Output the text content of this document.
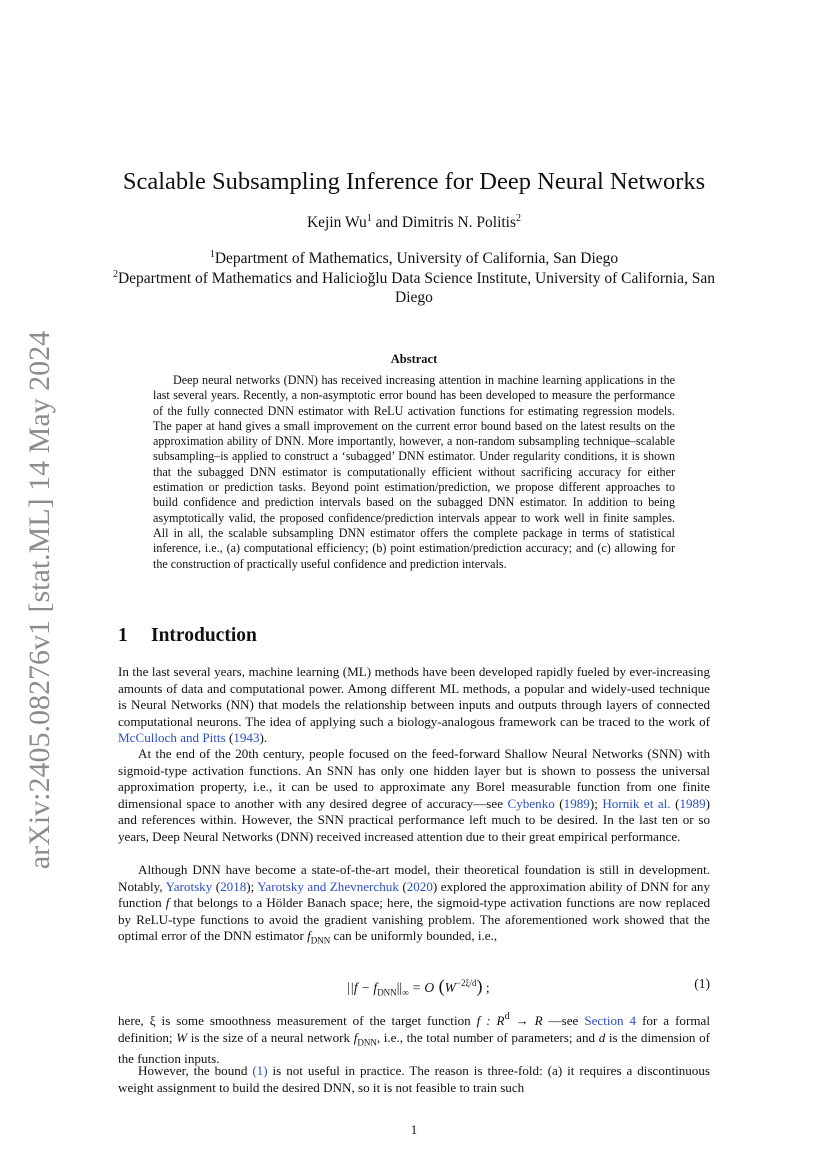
arXiv:2405.08276v1 [stat.ML] 14 May 2024
Scalable Subsampling Inference for Deep Neural Networks
Kejin Wu$^1$ and Dimitris N. Politis$^2$
$^1$Department of Mathematics, University of California, San Diego
$^2$Department of Mathematics and Halicioğlu Data Science Institute, University of California, San Diego
Abstract

Deep neural networks (DNN) has received increasing attention in machine learning applications in the last several years. Recently, a non-asymptotic error bound has been developed to measure the performance of the fully connected DNN estimator with ReLU activation functions for estimating regression models. The paper at hand gives a small improvement on the current error bound based on the latest results on the approximation ability of DNN. More importantly, however, a non-random subsampling technique–scalable subsampling–is applied to construct a ‘subagged’ DNN estimator. Under regularity conditions, it is shown that the subagged DNN estimator is computationally efficient without sacrificing accuracy for either estimation or prediction tasks. Beyond point estimation/prediction, we propose different approaches to build confidence and prediction intervals based on the subagged DNN estimator. In addition to being asymptotically valid, the proposed confidence/prediction intervals appear to work well in finite samples. All in all, the scalable subsampling DNN estimator offers the complete package in terms of statistical inference, i.e., (a) computational efficiency; (b) point estimation/prediction accuracy; and (c) allowing for the construction of practically useful confidence and prediction intervals.

1 Introduction

In the last several years, machine learning (ML) methods have been developed rapidly fueled by ever-increasing amounts of data and computational power. Among different ML methods, a popular and widely-used technique is Neural Networks (NN) that models the relationship between inputs and outputs through layers of connected computational neurons. The idea of applying such a biology-analogous framework can be traced to the work of McCulloch and Pitts (1943).

At the end of the 20th century, people focused on the feed-forward Shallow Neural Networks (SNN) with sigmoid-type activation functions. An SNN has only one hidden layer but is shown to possess the universal approximation property, i.e., it can be used to approximate any Borel measurable function from one finite dimensional space to another with any desired degree of accuracy—see Cybenko (1989); Hornik et al. (1989) and references within. However, the SNN practical performance left much to be desired. In the last ten or so years, Deep Neural Networks (DNN) received increased attention due to their great empirical performance.

Although DNN have become a state-of-the-art model, their theoretical foundation is still in development. Notably, Yarotsky (2018); Yarotsky and Zhevnerchuk (2020) explored the approximation ability of DNN for any function f that belongs to a Hölder Banach space; here, the sigmoid-type activation functions are now replaced by ReLU-type functions to avoid the gradient vanishing problem. The aforementioned work showed that the optimal error of the DNN estimator $f_{DNN}$ can be uniformly bounded, i.e.,

$||f - f_{DNN}||_\infty = O$ $(W^{-2\xi/d})$ ;	(1)

here, ξ is some smoothness measurement of the target function f : $R^d \to R$ —see Section 4 for a formal definition; W is the size of a neural network $f_{DNN}$, i.e., the total number of parameters; and d is the dimension of the function inputs.

However, the bound (1) is not useful in practice. The reason is three-fold: (a) it requires a discontinuous weight assignment to build the desired DNN, so it is not feasible to train such

1
